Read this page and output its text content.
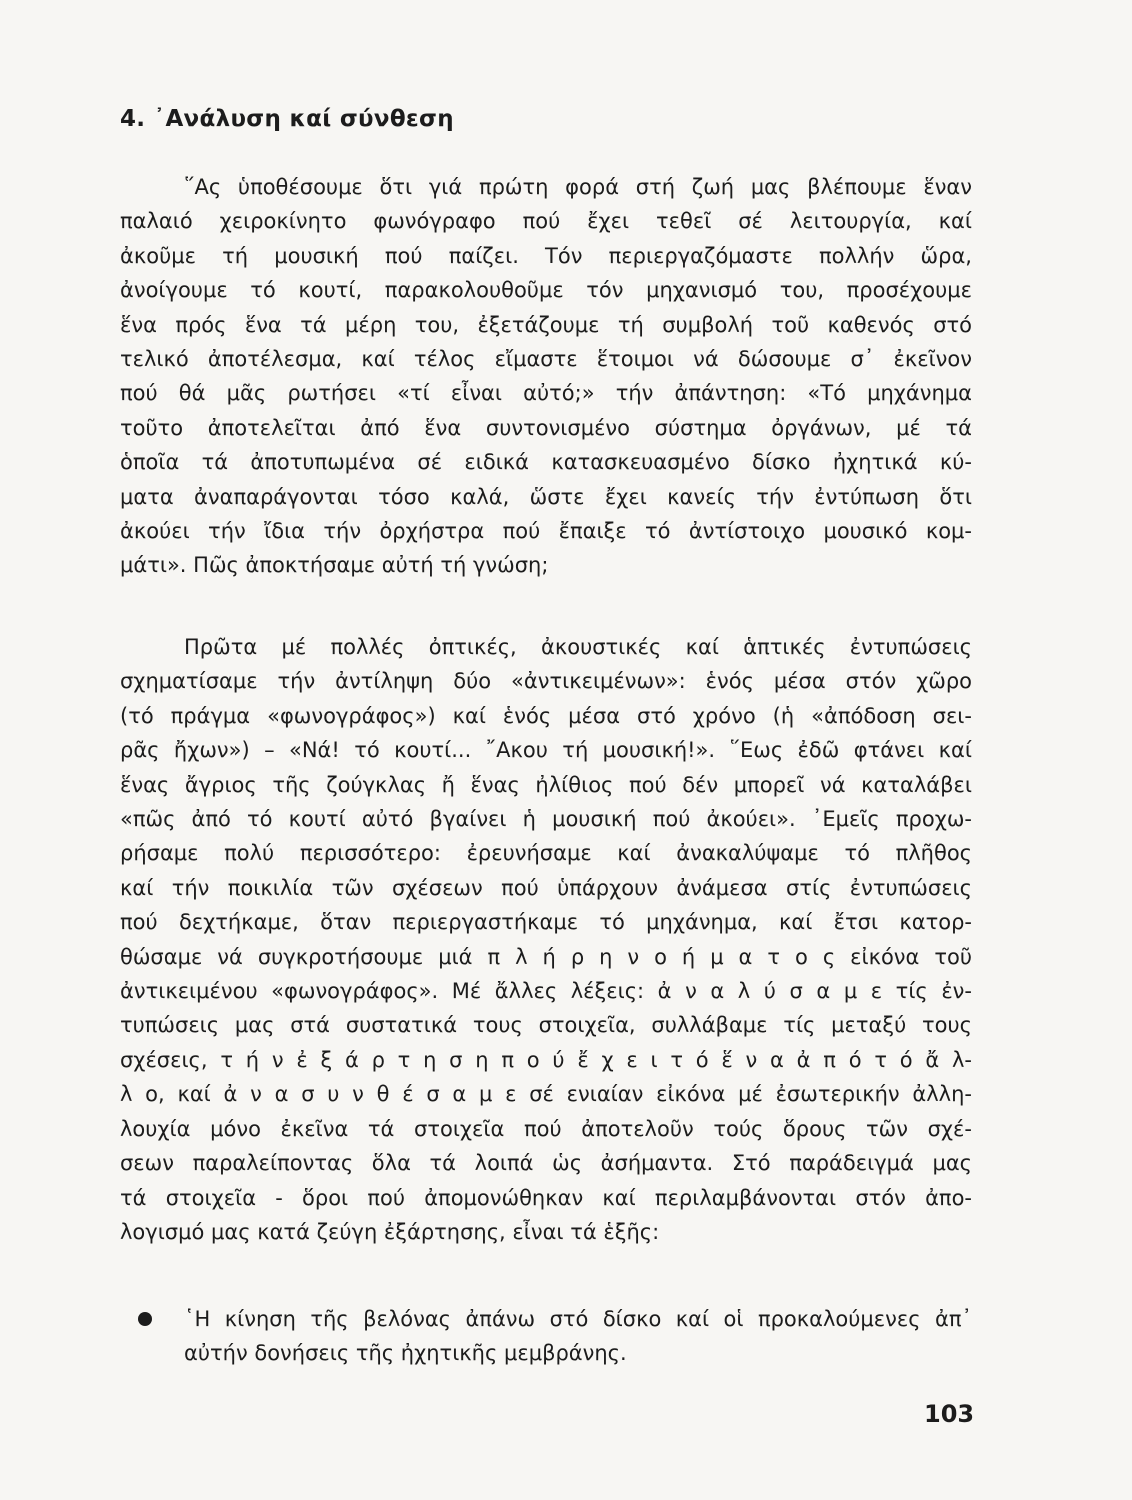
4. ᾿Ανάλυση καί σύνθεση
῞Ας ὑποθέσουμε ὅτι γιά πρώτη φορά στή ζωή μας βλέπουμε ἕναν
παλαιό χειροκίνητο φωνόγραφο πού ἔχει τεθεῖ σέ λειτουργία, καί
ἀκοῦμε τή μουσική πού παίζει. Τόν περιεργαζόμαστε πολλήν ὥρα,
ἀνοίγουμε τό κουτί, παρακολουθοῦμε τόν μηχανισμό του, προσέχουμε
ἕνα πρός ἕνα τά μέρη του, ἐξετάζουμε τή συμβολή τοῦ καθενός στό
τελικό ἀποτέλεσμα, καί τέλος εἴμαστε ἕτοιμοι νά δώσουμε σ᾿ ἐκεῖνον
πού θά μᾶς ρωτήσει «τί εἶναι αὐτό;» τήν ἀπάντηση: «Τό μηχάνημα
τοῦτο ἀποτελεῖται ἀπό ἕνα συντονισμένο σύστημα ὀργάνων, μέ τά
ὁποῖα τά ἀποτυπωμένα σέ ειδικά κατασκευασμένο δίσκο ἠχητικά κύ-
ματα ἀναπαράγονται τόσο καλά, ὥστε ἔχει κανείς τήν ἐντύπωση ὅτι
ἀκούει τήν ἴδια τήν ὀρχήστρα πού ἔπαιξε τό ἀντίστοιχο μουσικό κομ-
μάτι». Πῶς ἀποκτήσαμε αὐτή τή γνώση;
Πρῶτα μέ πολλές ὀπτικές, ἀκουστικές καί ἁπτικές ἐντυπώσεις
σχηματίσαμε τήν ἀντίληψη δύο «ἀντικειμένων»: ἑνός μέσα στόν χῶρο
(τό πράγμα «φωνογράφος») καί ἑνός μέσα στό χρόνο (ἡ «ἀπόδοση σει-
ρᾶς ἤχων») – «Νά! τό κουτί... ῎Ακου τή μουσική!». ῞Εως ἐδῶ φτάνει καί
ἕνας ἄγριος τῆς ζούγκλας ἤ ἕνας ἠλίθιος πού δέν μπορεῖ νά καταλάβει
«πῶς ἀπό τό κουτί αὐτό βγαίνει ἡ μουσική πού ἀκούει». ᾿Εμεῖς προχω-
ρήσαμε πολύ περισσότερο: ἐρευνήσαμε καί ἀνακαλύψαμε τό πλῆθος
καί τήν ποικιλία τῶν σχέσεων πού ὑπάρχουν ἀνάμεσα στίς ἐντυπώσεις
πού δεχτήκαμε, ὅταν περιεργαστήκαμε τό μηχάνημα, καί ἔτσι κατορ-
θώσαμε νά συγκροτήσουμε μιά π λ ή ρ η ν ο ή μ α τ ο ς εἰκόνα τοῦ
ἀντικειμένου «φωνογράφος». Μέ ἄλλες λέξεις: ἀ ν α λ ύ σ α μ ε τίς ἐν-
τυπώσεις μας στά συστατικά τους στοιχεῖα, συλλάβαμε τίς μεταξύ τους
σχέσεις, τ ή ν ἐ ξ ά ρ τ η σ η π ο ύ ἔ χ ε ι τ ό ἕ ν α ἀ π ό τ ό ἄ λ-
λ ο, καί ἀ ν α σ υ ν θ έ σ α μ ε σέ ενιαίαν εἰκόνα μέ ἐσωτερικήν ἀλλη-
λουχία μόνο ἐκεῖνα τά στοιχεῖα πού ἀποτελοῦν τούς ὅρους τῶν σχέ-
σεων παραλείποντας ὅλα τά λοιπά ὡς ἀσήμαντα. Στό παράδειγμά μας
τά στοιχεῖα - ὅροι πού ἀπομονώθηκαν καί περιλαμβάνονται στόν ἀπο-
λογισμό μας κατά ζεύγη ἐξάρτησης, εἶναι τά ἑξῆς:
῾Η κίνηση τῆς βελόνας ἀπάνω στό δίσκο καί οἱ προκαλούμενες ἀπ᾿
αὐτήν δονήσεις τῆς ἠχητικῆς μεμβράνης.
103
